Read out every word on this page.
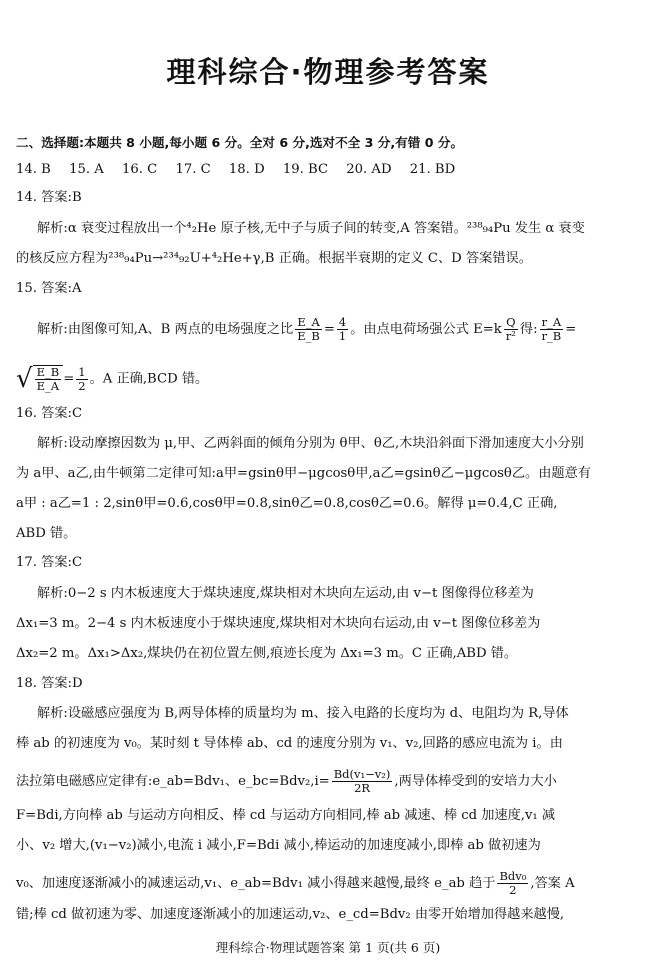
理科综合·物理参考答案
二、选择题:本题共 8 小题,每小题 6 分。全对 6 分,选对不全 3 分,有错 0 分。
14. B 15. A 16. C 17. C 18. D 19. BC 20. AD 21. BD
14. 答案:B
解析:α 衰变过程放出一个⁴₂He 原子核,无中子与质子间的转变,A 答案错。²³⁸₉₄Pu 发生 α 衰变
的核反应方程为²³⁸₉₄Pu→²³⁴₉₂U+⁴₂He+γ,B 正确。根据半衰期的定义 C、D 答案错误。
15. 答案:A
解析:由图像可知,A、B 两点的电场强度之比 $\frac{E\_A}{E\_B} = \frac{4}{1}$ 。由点电荷场强公式 $E=k \frac{Q}{\text{r²}}$ 得: $\frac{r\_A}{r\_B}$ =
√ $\frac{E\_B}{E\_A} = \frac{1}{2}$ 。A 正确,BCD 错。
16. 答案:C
解析:设动摩擦因数为 μ,甲、乙两斜面的倾角分别为 θ甲、θ乙,木块沿斜面下滑加速度大小分别
为 a甲、a乙,由牛顿第二定律可知:a甲=gsinθ甲−μgcosθ甲,a乙=gsinθ乙−μgcosθ乙。由题意有
a甲 : a乙=1 : 2,sinθ甲=0.6,cosθ甲=0.8,sinθ乙=0.8,cosθ乙=0.6。解得 μ=0.4,C 正确,
ABD 错。
17. 答案:C
解析:0−2 s 内木板速度大于煤块速度,煤块相对木块向左运动,由 v−t 图像得位移差为
Δx₁=3 m。2−4 s 内木板速度小于煤块速度,煤块相对木块向右运动,由 v−t 图像位移差为
Δx₂=2 m。Δx₁>Δx₂,煤块仍在初位置左侧,痕迹长度为 Δx₁=3 m。C 正确,ABD 错。
18. 答案:D
解析:设磁感应强度为 B,两导体棒的质量均为 m、接入电路的长度均为 d、电阻均为 R,导体
棒 ab 的初速度为 v₀。某时刻 t 导体棒 ab、cd 的速度分别为 v₁、v₂,回路的感应电流为 i。由
法拉第电磁感应定律有:e_ab=Bdv₁、e_bc=Bdv₂,i= $\frac{\text{Bd(v₁−v₂)}}{2R}$ ,两导体棒受到的安培力大小
F=Bdi,方向棒 ab 与运动方向相反、棒 cd 与运动方向相同,棒 ab 减速、棒 cd 加速度,v₁ 减
小、v₂ 增大,(v₁−v₂)减小,电流 i 减小,F=Bdi 减小,棒运动的加速度减小,即棒 ab 做初速为
v₀、加速度逐渐减小的减速运动,v₁、e_ab=Bdv₁ 减小得越来越慢,最终 e_ab 趋于 $\frac{\text{Bdv₀}}{2}$ ,答案 A
错;棒 cd 做初速为零、加速度逐渐减小的加速运动,v₂、e_cd=Bdv₂ 由零开始增加得越来越慢,
理科综合·物理试题答案 第 1 页(共 6 页)
